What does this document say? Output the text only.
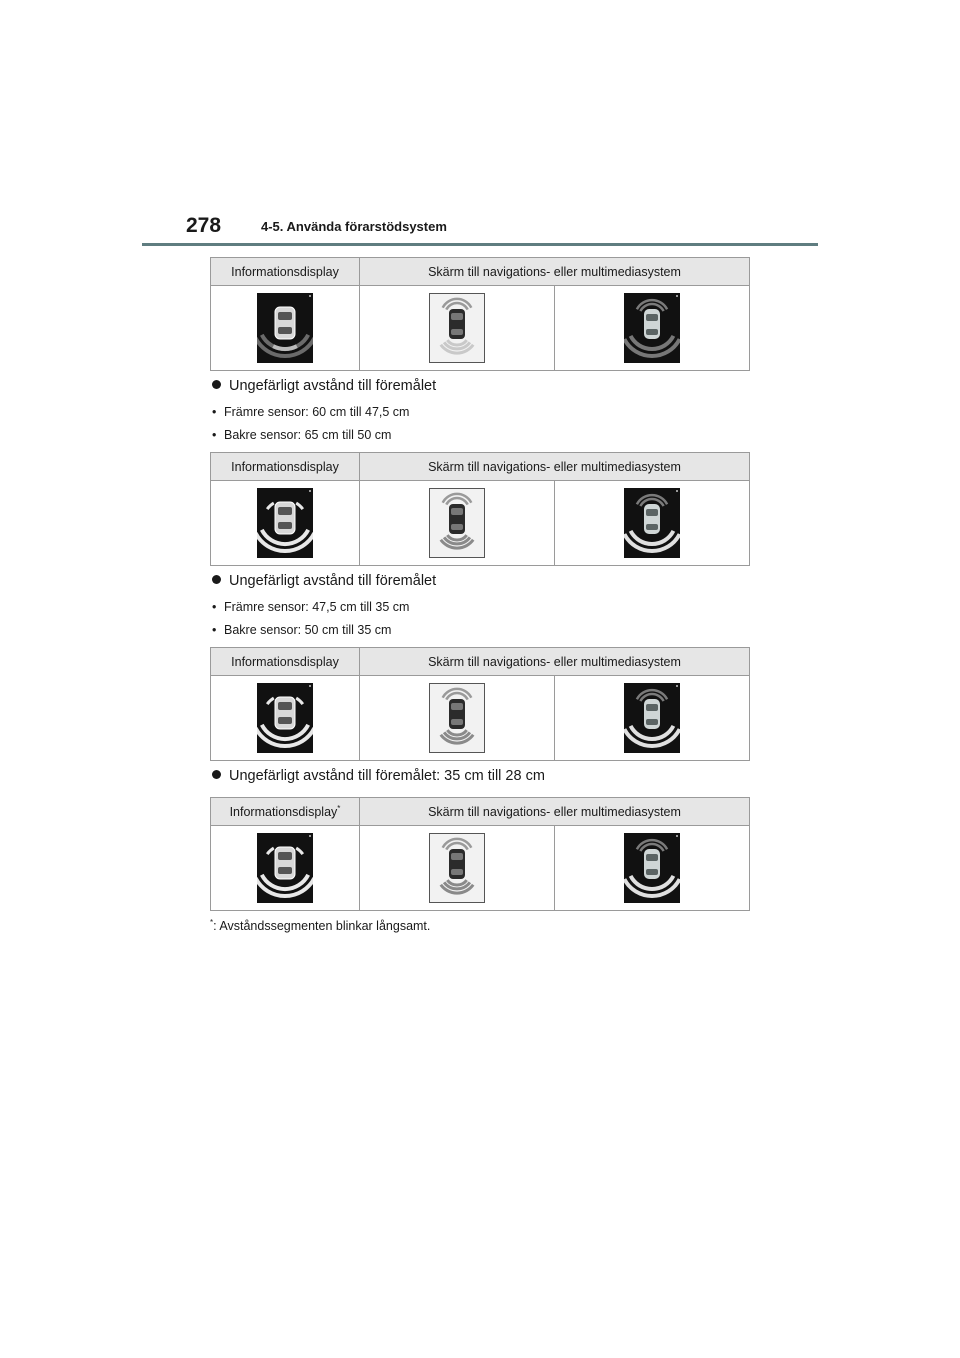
278	4-5. Använda förarstödsystem
Informationsdisplay	Skärm till navigations- eller multimediasystem	

Ungefärligt avstånd till föremålet
• Främre sensor: 60 cm till 47,5 cm
• Bakre sensor: 65 cm till 50 cm
Informationsdisplay	Skärm till navigations- eller multimediasystem	

Ungefärligt avstånd till föremålet
• Främre sensor: 47,5 cm till 35 cm
• Bakre sensor: 50 cm till 35 cm
Informationsdisplay	Skärm till navigations- eller multimediasystem	

Ungefärligt avstånd till föremålet: 35 cm till 28 cm
Informationsdisplay*	Skärm till navigations- eller multimediasystem	

*: Avståndssegmenten blinkar långsamt.
